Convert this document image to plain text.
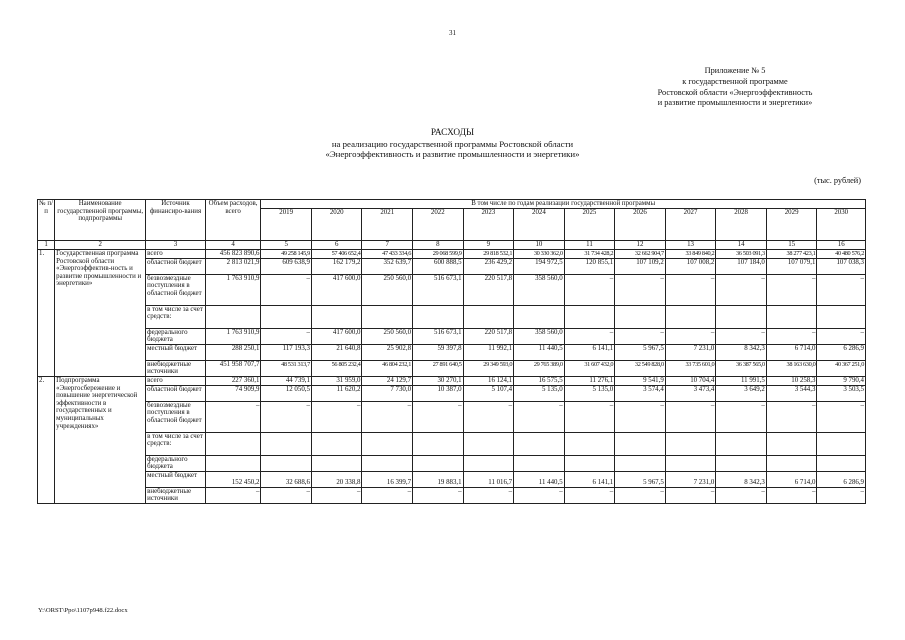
31
Приложение № 5
к государственной программе
Ростовской области «Энергоэффективность
и развитие промышленности и энергетики»
РАСХОДЫ
на реализацию государственной программы Ростовской области
«Энергоэффективность и развитие промышленности и энергетики»
(тыс. рублей)
№ п/п	Наименование государственной программы, подпрограммы	Источник финансиро-вания	Объем расходов, всего	В том числе по годам реализации государственной программы											
				2019	2020	2021	2022	2023	2024	2025	2026	2027	2028	2029	2030
1	2	3	4	5	6	7	8	9	10	11	12	13	14	15	16
1.	Государственная программа Ростовской области «Энергоэффектив-ность и развитие промышленности и энергетики»	всего	456 823 890,6	49 258 145,9	57 406 652,4	47 433 334,6	29 068 599,9	29 818 532,1	30 330 362,0	31 734 428,2	32 662 904,7	33 849 840,2	36 503 091,3	38 277 423,1	40 480 576,2
		областной бюджет	2 813 021,9	609 638,9	162 179,2	352 639,7	600 888,5	236 429,2	194 972,5	120 855,1	107 109,2	107 008,2	107 184,0	107 079,1	107 038,3
		безвозмездные поступления в областной бюджет	1 763 910,9	–	417 600,0	250 560,0	516 673,1	220 517,8	358 560,0	–	–	–	–	–	–
		в том числе за счет средств:													
		федерального бюджета	1 763 910,9	–	417 600,0	250 560,0	516 673,1	220 517,8	358 560,0	–	–	–	–	–	–
		местный бюджет	288 250,1	117 193,3	21 640,8	25 902,8	59 397,8	11 992,1	11 440,5	6 141,1	5 967,5	7 231,0	8 342,3	6 714,0	6 286,9
		внебюджетные источники	451 958 707,7	48 531 313,7	56 805 232,4	46 804 232,1	27 891 640,5	29 349 593,0	29 765 389,0	31 607 432,0	32 549 828,0	33 735 601,0	36 387 565,0	38 163 630,0	40 367 251,0
2.	Подпрограмма «Энергосбережение и повышение энергетической эффективности в государственных и муниципальных учреждениях»	всего	227 360,1	44 739,1	31 959,0	24 129,7	30 270,1	16 124,1	16 575,5	11 276,1	9 541,9	10 704,4	11 991,5	10 258,3	9 790,4
		областной бюджет	74 909,9	12 050,5	11 620,2	7 730,0	10 387,0	5 107,4	5 135,0	5 135,0	3 574,4	3 473,4	3 649,2	3 544,3	3 503,5
		безвозмездные поступления в областной бюджет	–	–	–	–	–	–	–	–	–	–	–	–	–
		в том числе за счет средств:													
		федерального бюджета													
		местный бюджет	152 450,2	32 688,6	20 338,8	16 399,7	19 883,1	11 016,7	11 440,5	6 141,1	5 967,5	7 231,0	8 342,3	6 714,0	6 286,9
		внебюджетные источники	–	–	–	–	–	–	–	–	–	–	–	–	–
Y:\ORST\Ppo\1107p948.f22.docx
